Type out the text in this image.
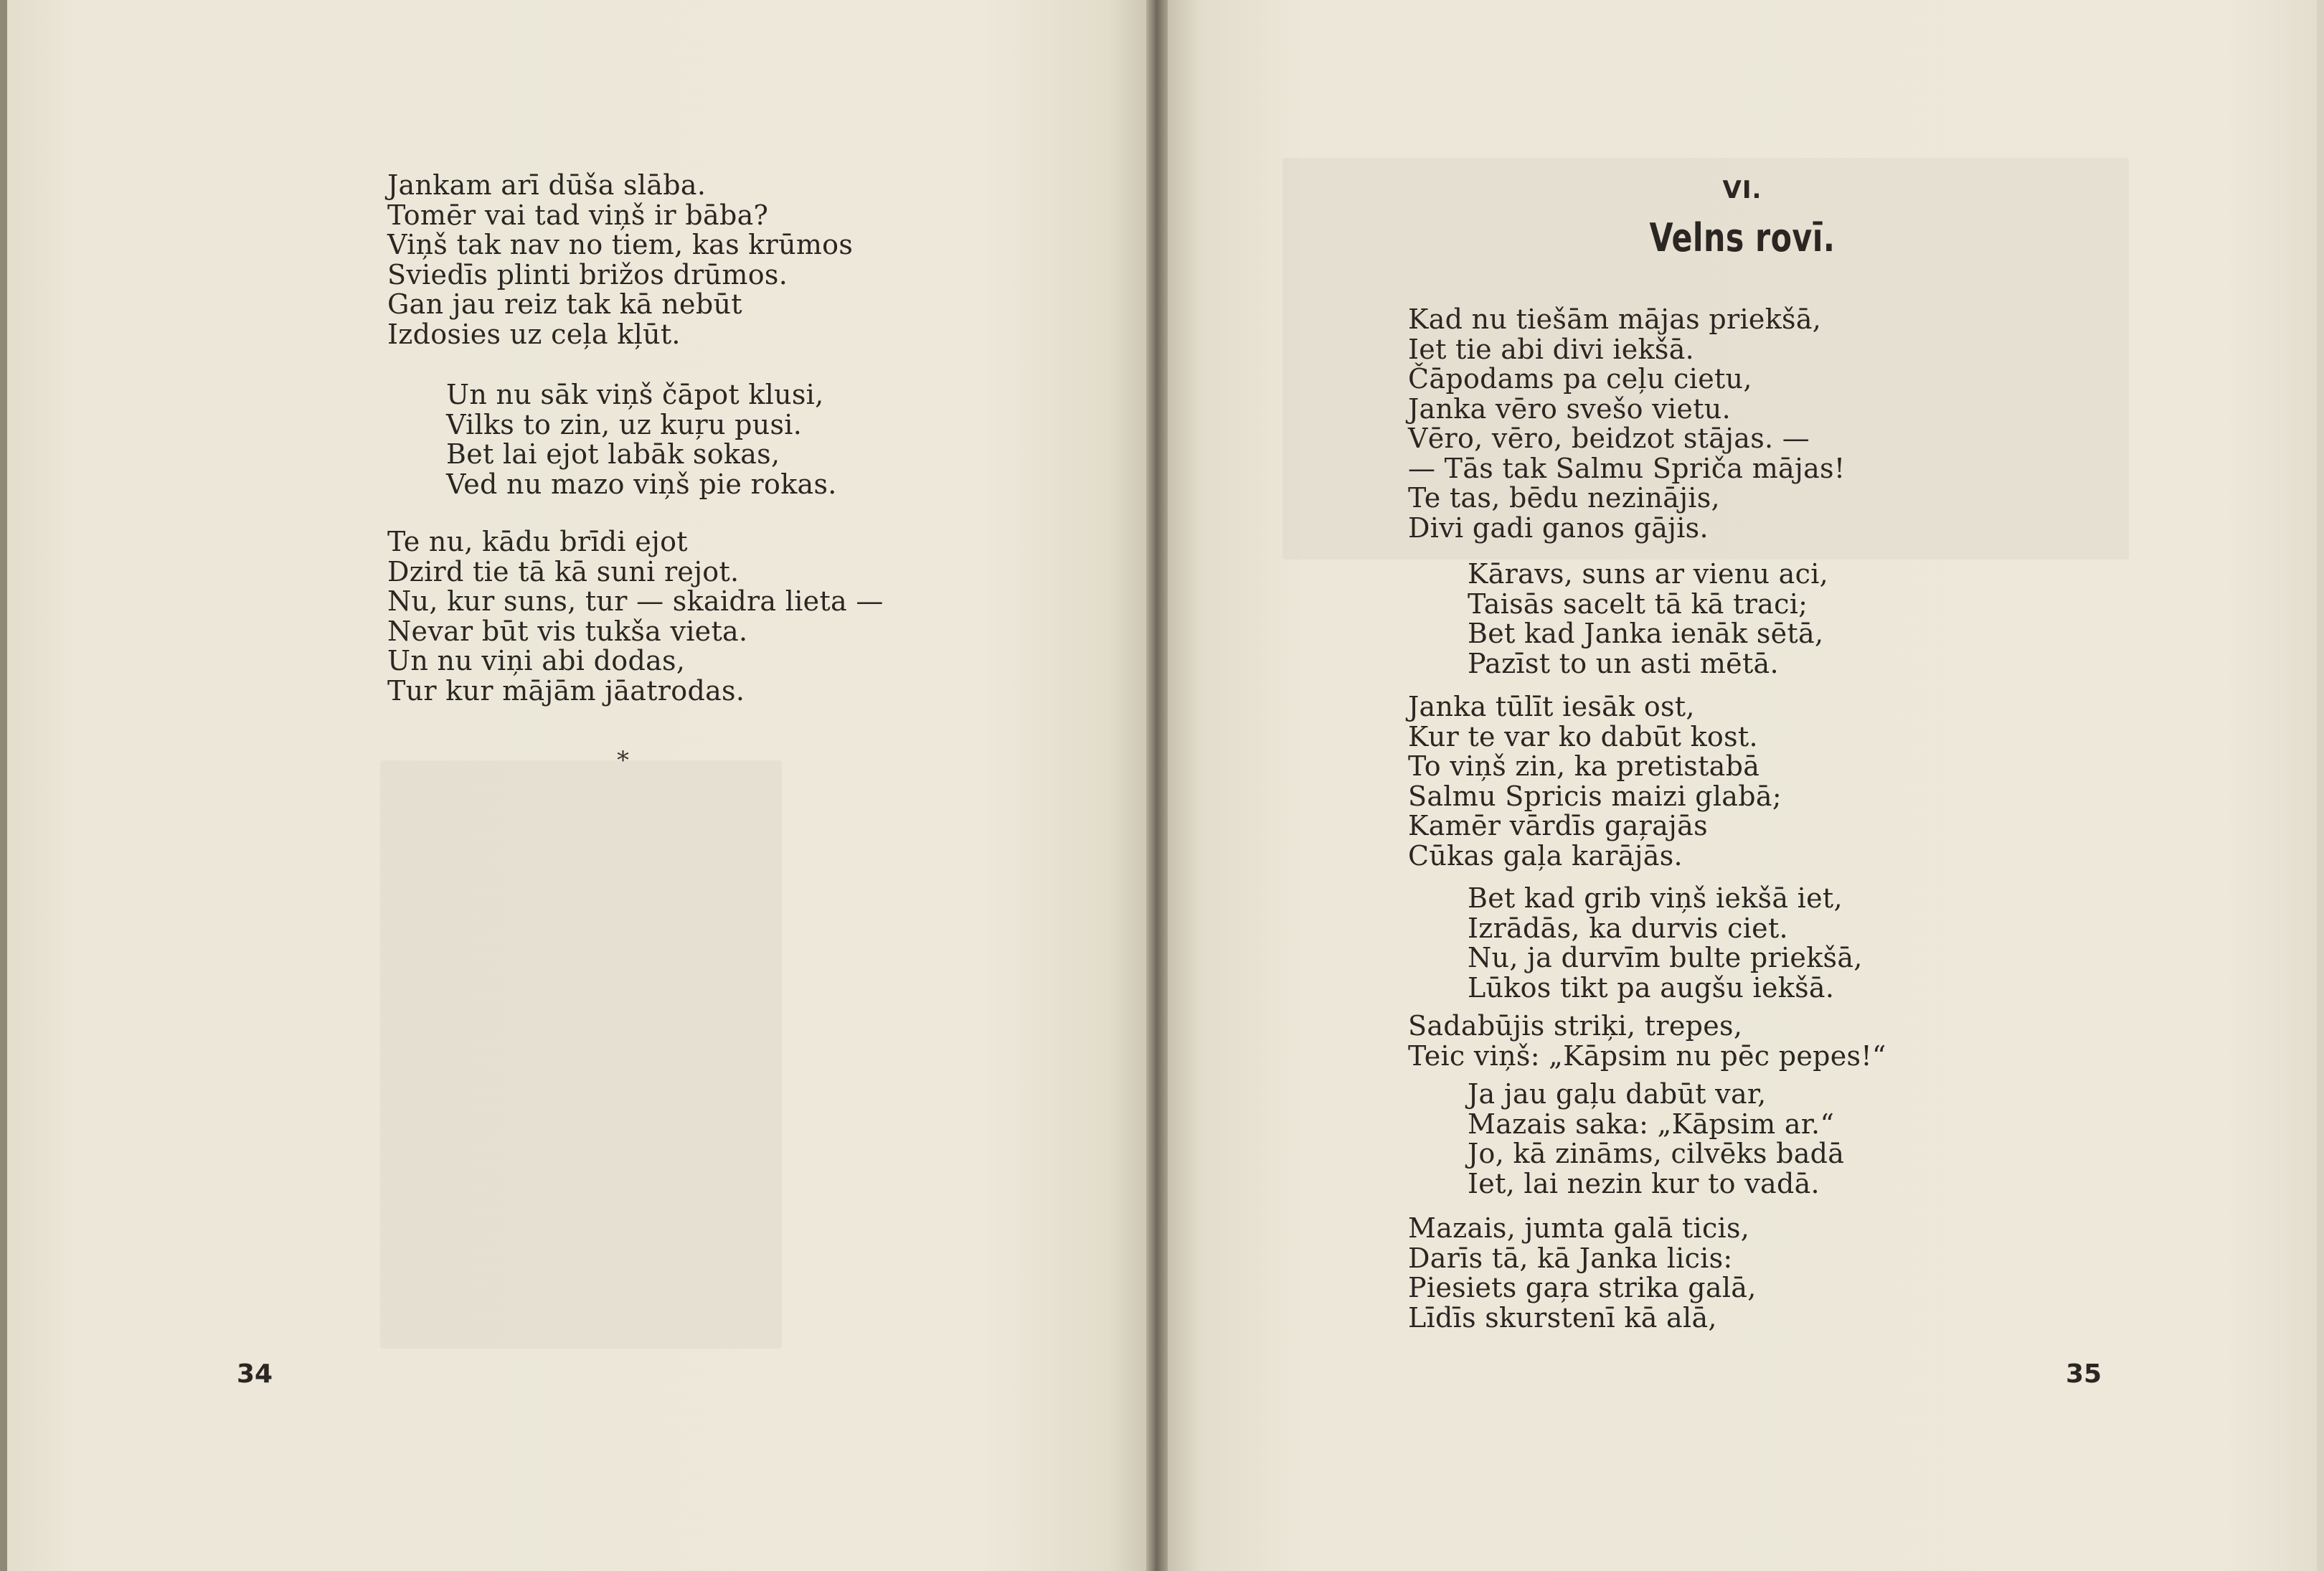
Jankam arī dūša slāba.
Tomēr vai tad viņš ir bāba?
Viņš tak nav no tiem, kas krūmos
Sviedīs plinti brižos drūmos.
Gan jau reiz tak kā nebūt
Izdosies uz ceļa kļūt.
Un nu sāk viņš čāpot klusi,
Vilks to zin, uz kuŗu pusi.
Bet lai ejot labāk sokas,
Ved nu mazo viņš pie rokas.
Te nu, kādu brīdi ejot
Dzird tie tā kā suni rejot.
Nu, kur suns, tur — skaidra lieta —
Nevar būt vis tukša vieta.
Un nu viņi abi dodas,
Tur kur mājām jāatrodas.
*
34
VI.
Velns rovī.
Kad nu tiešām mājas priekšā,
Iet tie abi divi iekšā.
Čāpodams pa ceļu cietu,
Janka vēro svešo vietu.
Vēro, vēro, beidzot stājas. —
— Tās tak Salmu Spriča mājas!
Te tas, bēdu nezinājis,
Divi gadi ganos gājis.
Kāravs, suns ar vienu aci,
Taisās sacelt tā kā traci;
Bet kad Janka ienāk sētā,
Pazīst to un asti mētā.
Janka tūlīt iesāk ost,
Kur te var ko dabūt kost.
To viņš zin, ka pretistabā
Salmu Spricis maizi glabā;
Kamēr vārdīs gaŗajās
Cūkas gaļa karājās.
Bet kad grib viņš iekšā iet,
Izrādās, ka durvis ciet.
Nu, ja durvīm bulte priekšā,
Lūkos tikt pa augšu iekšā.
Sadabūjis striķi, trepes,
Teic viņš: „Kāpsim nu pēc pepes!“
Ja jau gaļu dabūt var,
Mazais saka: „Kāpsim ar.“
Jo, kā zināms, cilvēks badā
Iet, lai nezin kur to vadā.
Mazais, jumta galā ticis,
Darīs tā, kā Janka licis:
Piesiets gaŗa strika galā,
Līdīs skurstenī kā alā,
35
